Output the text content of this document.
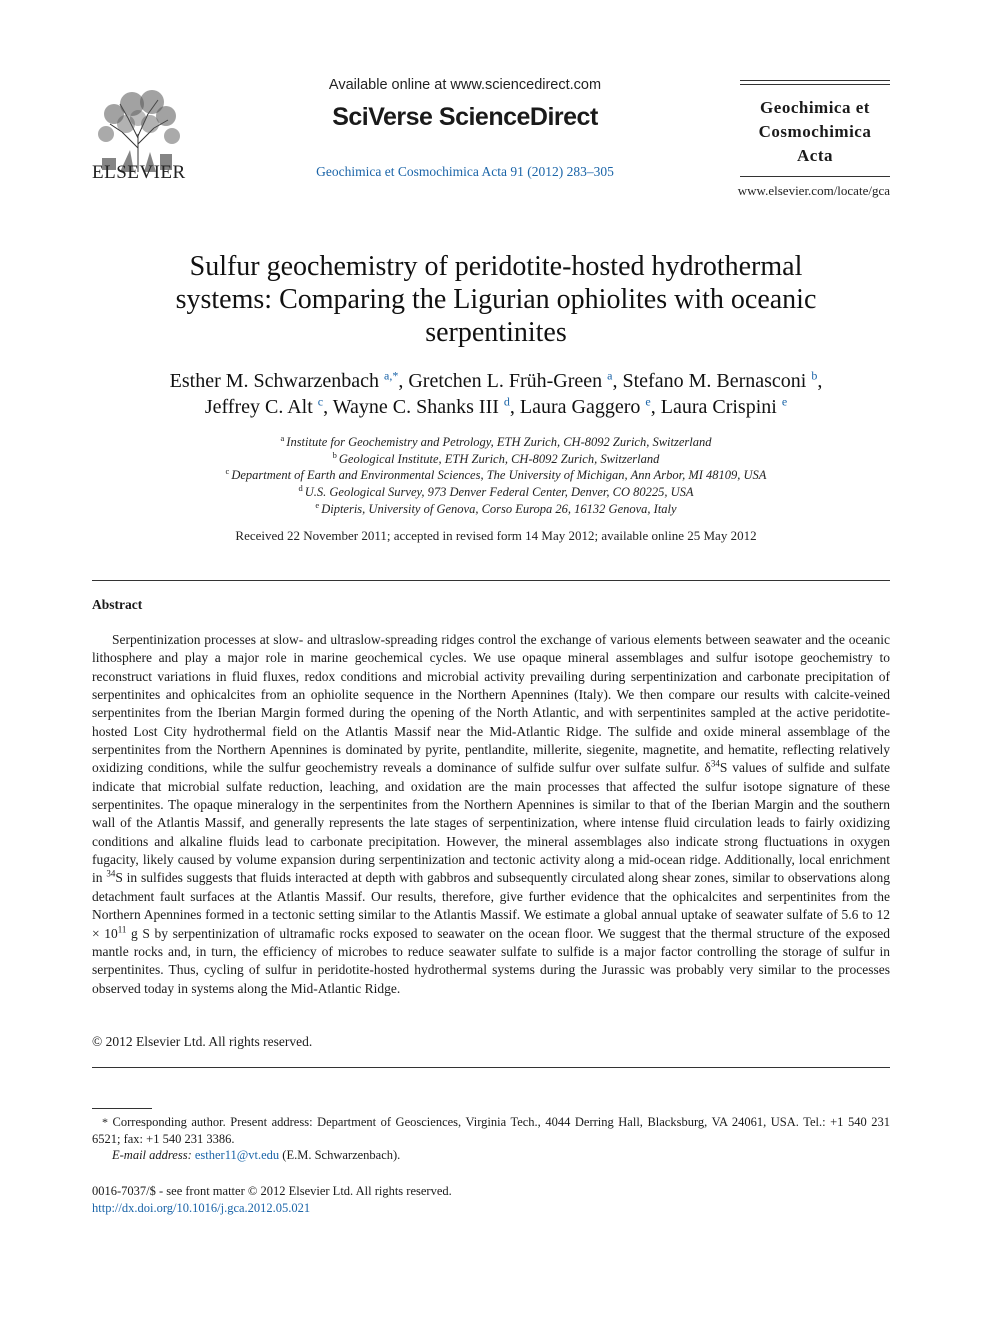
ELSEVIER
Available online at www.sciencedirect.com
SciVerse ScienceDirect
Geochimica et Cosmochimica Acta 91 (2012) 283–305
Geochimica et
Cosmochimica
Acta
www.elsevier.com/locate/gca
Sulfur geochemistry of peridotite-hosted hydrothermal
systems: Comparing the Ligurian ophiolites with oceanic
serpentinites
Esther M. Schwarzenbach $^{a,*}$, Gretchen L. Früh-Green $^a$, Stefano M. Bernasconi $^b$,
Jeffrey C. Alt $^c$, Wayne C. Shanks III $^d$, Laura Gaggero $^e$, Laura Crispini $^e$
$^a$ Institute for Geochemistry and Petrology, ETH Zurich, CH-8092 Zurich, Switzerland
$^b$ Geological Institute, ETH Zurich, CH-8092 Zurich, Switzerland
$^c$ Department of Earth and Environmental Sciences, The University of Michigan, Ann Arbor, MI 48109, USA
$^d$ U.S. Geological Survey, 973 Denver Federal Center, Denver, CO 80225, USA
$^e$ Dipteris, University of Genova, Corso Europa 26, 16132 Genova, Italy
Received 22 November 2011; accepted in revised form 14 May 2012; available online 25 May 2012
Abstract
Serpentinization processes at slow- and ultraslow-spreading ridges control the exchange of various elements between seawater and the oceanic lithosphere and play a major role in marine geochemical cycles. We use opaque mineral assemblages and sulfur isotope geochemistry to reconstruct variations in fluid fluxes, redox conditions and microbial activity prevailing during serpentinization and carbonate precipitation of serpentinites and ophicalcites from an ophiolite sequence in the Northern Apennines (Italy). We then compare our results with calcite-veined serpentinites from the Iberian Margin formed during the opening of the North Atlantic, and with serpentinites sampled at the active peridotite-hosted Lost City hydrothermal field on the Atlantis Massif near the Mid-Atlantic Ridge. The sulfide and oxide mineral assemblage of the serpentinites from the Northern Apennines is dominated by pyrite, pentlandite, millerite, siegenite, magnetite, and hematite, reflecting relatively oxidizing conditions, while the sulfur geochemistry reveals a dominance of sulfide sulfur over sulfate sulfur. $\delta^{34}S$ values of sulfide and sulfate indicate that microbial sulfate reduction, leaching, and oxidation are the main processes that affected the sulfur isotope signature of these serpentinites. The opaque mineralogy in the serpentinites from the Northern Apennines is similar to that of the Iberian Margin and the southern wall of the Atlantis Massif, and generally represents the late stages of serpentinization, where intense fluid circulation leads to fairly oxidizing conditions and alkaline fluids lead to carbonate precipitation. However, the mineral assemblages also indicate strong fluctuations in oxygen fugacity, likely caused by volume expansion during serpentinization and tectonic activity along a mid-ocean ridge. Additionally, local enrichment in $^{34}$S in sulfides suggests that fluids interacted at depth with gabbros and subsequently circulated along shear zones, similar to observations along detachment fault surfaces at the Atlantis Massif. Our results, therefore, give further evidence that the ophicalcites and serpentinites from the Northern Apennines formed in a tectonic setting similar to the Atlantis Massif. We estimate a global annual uptake of seawater sulfate of 5.6 to $12 \times 10^{11}$ g S by serpentinization of ultramafic rocks exposed to seawater on the ocean floor. We suggest that the thermal structure of the exposed mantle rocks and, in turn, the efficiency of microbes to reduce seawater sulfate to sulfide is a major factor controlling the storage of sulfur in serpentinites. Thus, cycling of sulfur in peridotite-hosted hydrothermal systems during the Jurassic was probably very similar to the processes observed today in systems along the Mid-Atlantic Ridge.
© 2012 Elsevier Ltd. All rights reserved.
* Corresponding author. Present address: Department of Geosciences, Virginia Tech., 4044 Derring Hall, Blacksburg, VA 24061, USA. Tel.: +1 540 231 6521; fax: +1 540 231 3386.
E-mail address: esther11@vt.edu (E.M. Schwarzenbach).
0016-7037/$ - see front matter © 2012 Elsevier Ltd. All rights reserved.
http://dx.doi.org/10.1016/j.gca.2012.05.021
